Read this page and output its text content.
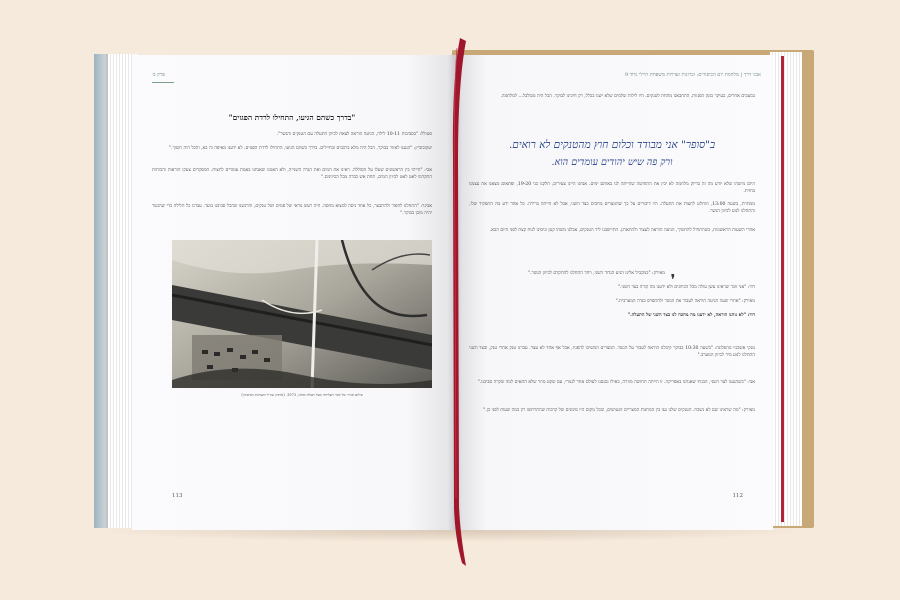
פרק ב׳
"בדרך כשהם הגיעו, התחילו לרדת הפגזים"

סטולל: "בסביבות 10-11 לילה, הגיעה הוראה לצאת לכיוון התעלה עם הטנקים והגשר".

יעקובוביץ: "הגענו לאזור בבוקר, הכל היה מלא ברכבים ובחיילים. בדרך כשהם הגיעו, התחילו לרדת הפגזים. לא ידענו מאיפה זה בא, והכל היה חשוך."

אבי: "הייתי בין הראשונים שעלו על הסוללה. ראינו את המים ואת הגדה השנייה, ולא האמנו שאנחנו באמת עומדים לחצות. המפקדים צעקו הוראות והכוחות התקדמו לאט לאט לכיוון המים, תחת אש כבדה מכל הכיוונים."

אבינר: "התחלנו לחפור ולהתבצר, כל אחד ניסה למצוא מחסה. היה רעש נוראי של פגזים ושל טנקים, והרגשנו שהכל סביבנו בוער. עבדנו כל הלילה כדי שהגשר יהיה מוכן בבוקר."

צילום אוויר של אזור הצליחה מעל תעלת סואץ, 1973. (ארכיון צה״ל ומערכת הביטחון)
113
אבני דרך | מלחמת יום הכיפורים: זכרונות ועדויות משפחת חיילי גדוד 9

במצבים אחרים, בעיקר בזמן הפגזות, התחבאנו מתחת לטנקים. היו לילות שלמים שלא ישנו בכלל, רק חיכינו לבוקר. הכל היה מבולבל... למלחמה.

ב"סופר" אני מבודד וכלום חוץ מהטנקים לא רואים.
ורק פה שיש יהודים עומדים הוא.

היום מישהו שלא יודע מה זה בדיוק מלחמה לא יבין את התחושה שהייתה לנו באותם ימים. אנחנו היינו צעירים, חלקנו בני 19-20, ופתאום מצאנו את עצמנו בחזית.

ממחרת, בשעה 13:00, הוחלט לחצות את התעלה. היו דיבורים על כך שהמצרים מחכים בצד השני, אבל לא הייתה ברירה. כל אחד ידע מה התפקיד שלו, והתחלנו לנוע לכיוון הגשר.

אחרי השעות הראשונות, כשהתחיל להחשיך, הגיעה הוראה לעצור ולהתארגן. התיישבנו ליד הטנקים, אכלנו משהו קטן וניסינו לנוח קצת לפני היום הבא.

❜

מאירק: "במקביל אלינו הגיע הגדוד השני, ויחד התחלנו להתקדם לכיוון הגשר."

דוד: "אני זוכר שראינו עשן עולה מכל הכיוונים ולא ידענו מה קורה בצד השני."

מאירק: "אחרי שעה הגיעה הוראה לעבור את הגשר ולהתפרס בגדה המערבית."

דוד: "לא נותנו הוראה, לא ידענו מה מחכה לנו בצד השני של התעלה."

טנקי אשכנזי מהפלוגה: "בשעה 10:30 בבוקר קיבלנו הוראה לעבור על הגשר. המצרים המשיכו להפגיז, אבל אף אחד לא עצר. עברנו טנק אחרי טנק, ובצד השני התחלנו לנוע מיד לכיוון המערב."

אבי: "כשהגענו לצד השני, הבנתי שאנחנו באפריקה. זו הייתה תחושה מוזרה, כאילו נכנסנו לעולם אחר לגמרי, עם שקט מוזר שלא התאים למה שקרה סביבנו."

מאירק: "מה שראינו שם לא נשכח. הטנקים שלנו נעו בין המחנות המצריים הנטושים, ובכל מקום היו סימנים של קרבות שהתרחשו רק כמה שעות לפני כן."

112
